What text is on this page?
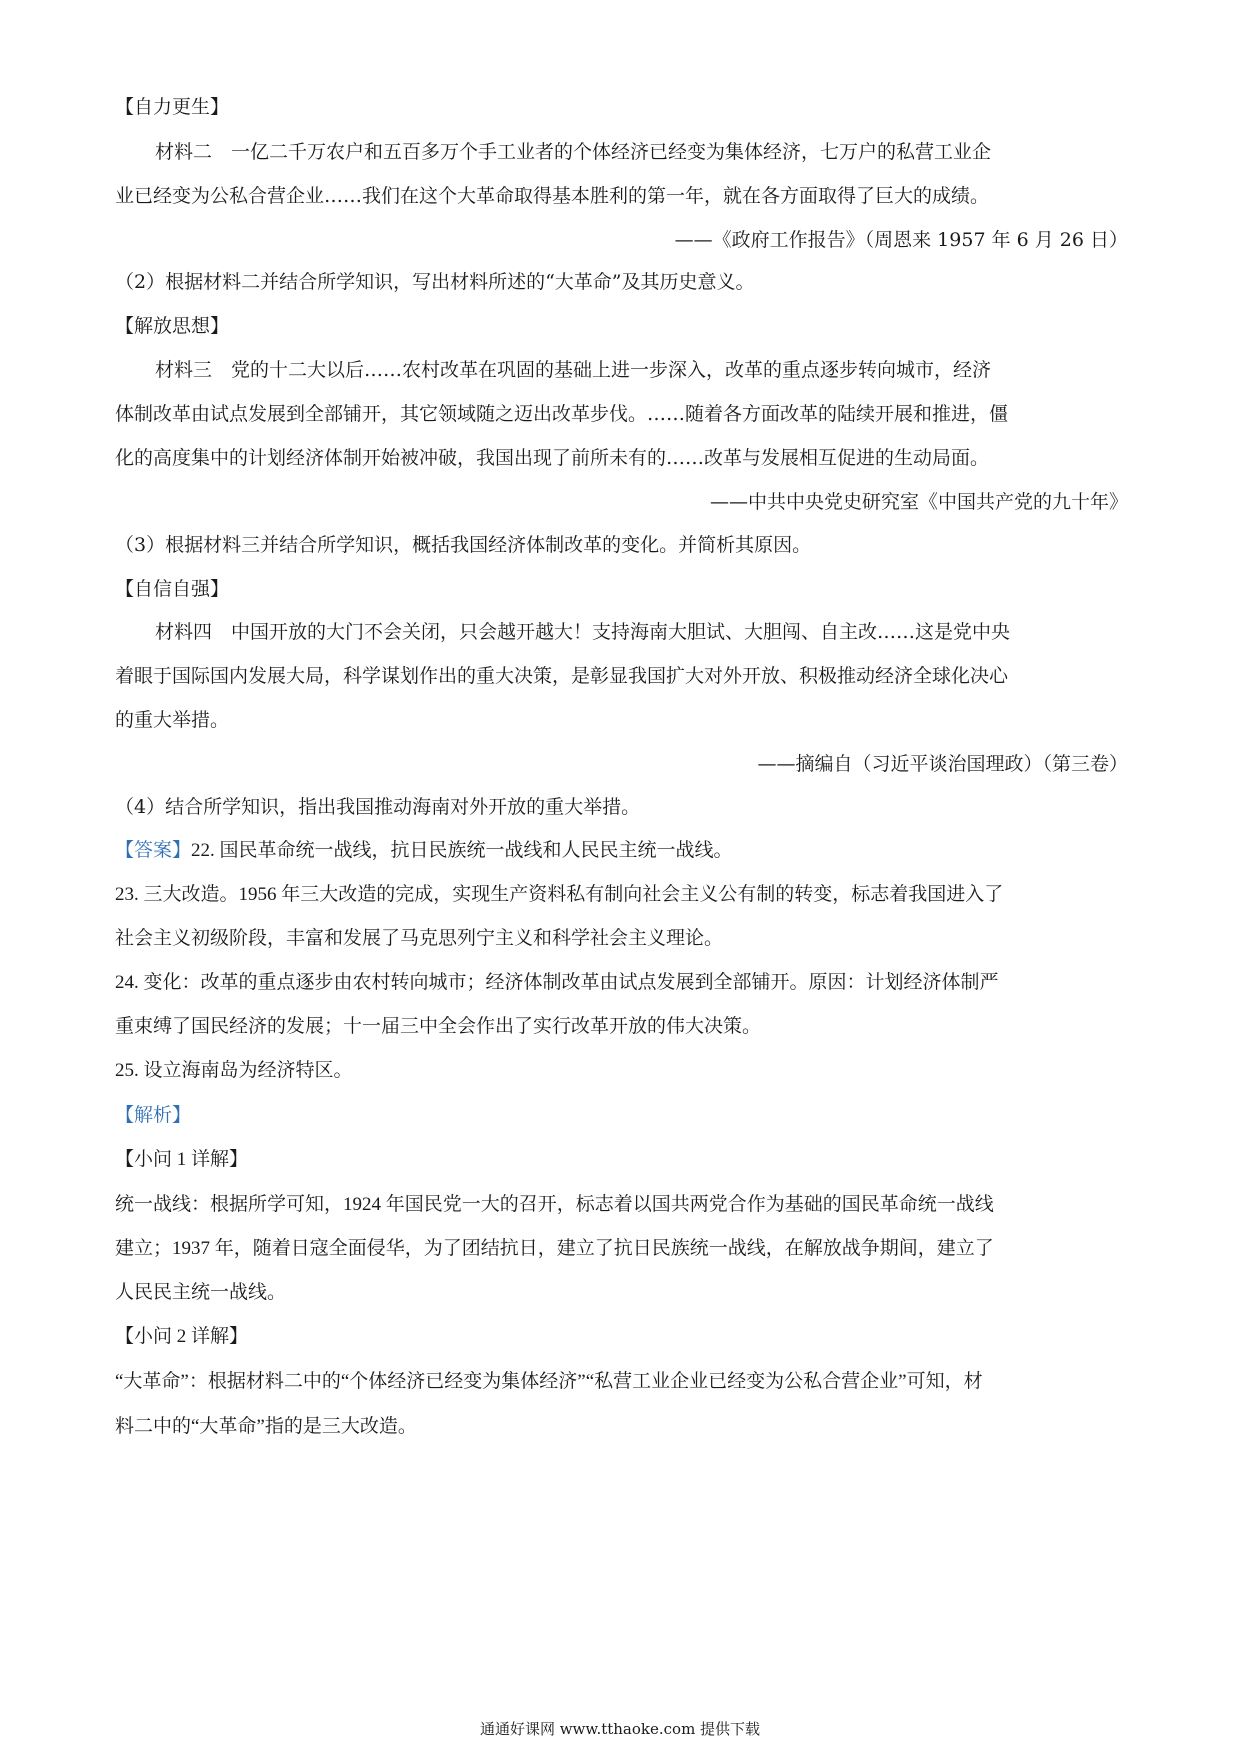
【自力更生】
材料二　一亿二千万农户和五百多万个手工业者的个体经济已经变为集体经济，七万户的私营工业企
业已经变为公私合营企业……我们在这个大革命取得基本胜利的第一年，就在各方面取得了巨大的成绩。
——《政府工作报告》（周恩来 1957 年 6 月 26 日）
（2）根据材料二并结合所学知识，写出材料所述的“大革命”及其历史意义。
【解放思想】
材料三　党的十二大以后……农村改革在巩固的基础上进一步深入，改革的重点逐步转向城市，经济
体制改革由试点发展到全部铺开，其它领域随之迈出改革步伐。……随着各方面改革的陆续开展和推进，僵
化的高度集中的计划经济体制开始被冲破，我国出现了前所未有的……改革与发展相互促进的生动局面。
——中共中央党史研究室《中国共产党的九十年》
（3）根据材料三并结合所学知识，概括我国经济体制改革的变化。并简析其原因。
【自信自强】
材料四　中国开放的大门不会关闭，只会越开越大！支持海南大胆试、大胆闯、自主改……这是党中央
着眼于国际国内发展大局，科学谋划作出的重大决策，是彰显我国扩大对外开放、积极推动经济全球化决心
的重大举措。
——摘编自（习近平谈治国理政）（第三卷）
（4）结合所学知识，指出我国推动海南对外开放的重大举措。
【答案】22. 国民革命统一战线，抗日民族统一战线和人民民主统一战线。
23. 三大改造。1956 年三大改造的完成，实现生产资料私有制向社会主义公有制的转变，标志着我国进入了
社会主义初级阶段，丰富和发展了马克思列宁主义和科学社会主义理论。
24. 变化：改革的重点逐步由农村转向城市；经济体制改革由试点发展到全部铺开。原因：计划经济体制严
重束缚了国民经济的发展；十一届三中全会作出了实行改革开放的伟大决策。
25. 设立海南岛为经济特区。
【解析】
【小问 1 详解】
统一战线：根据所学可知，1924 年国民党一大的召开，标志着以国共两党合作为基础的国民革命统一战线
建立；1937 年，随着日寇全面侵华，为了团结抗日，建立了抗日民族统一战线，在解放战争期间，建立了
人民民主统一战线。
【小问 2 详解】
“大革命”：根据材料二中的“个体经济已经变为集体经济”“私营工业企业已经变为公私合营企业”可知，材
料二中的“大革命”指的是三大改造。
通通好课网 www.tthaoke.com 提供下载
